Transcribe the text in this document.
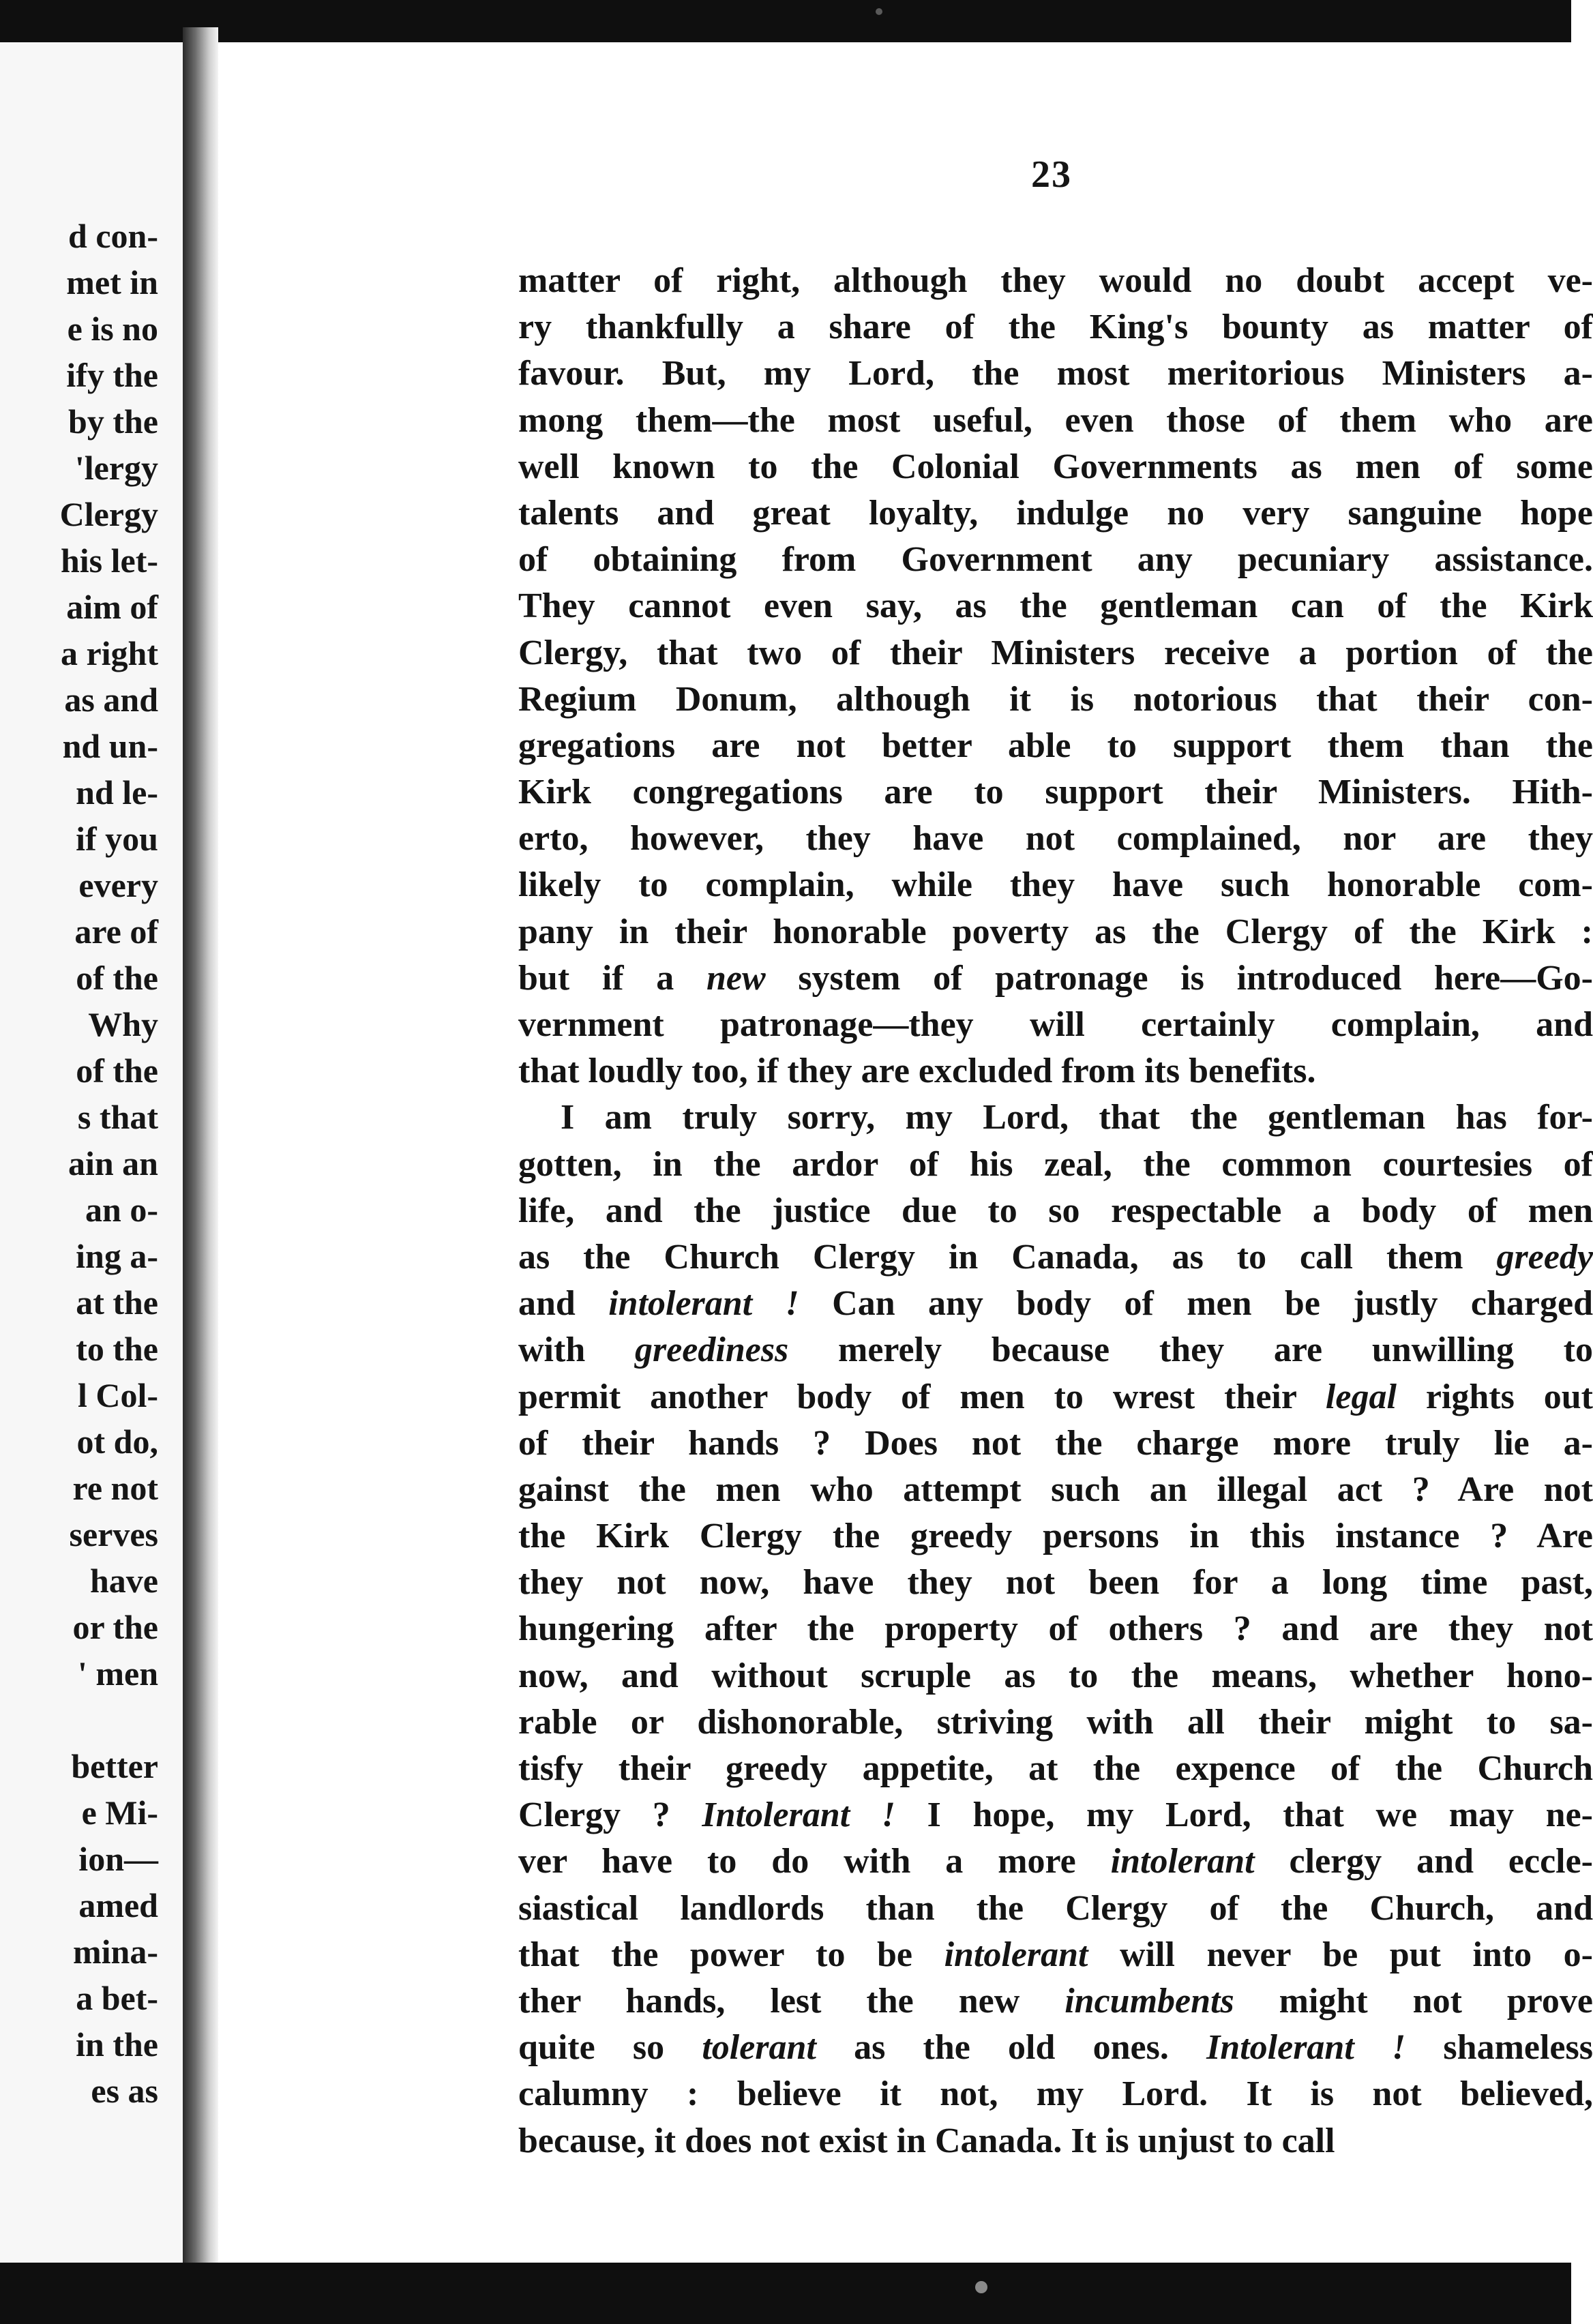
d con-
met in
e is no
ify the
by the
'lergy
Clergy
his let-
aim of
a right
as and
nd un-
nd le-
if you
every
are of
of the
Why
of the
s that
ain an
an o-
ing a-
at the
to the
l Col-
ot do,
re not
serves
have
or the
' men
better
e Mi-
ion—
amed
mina-
a bet-
in the
es as
23
matter of right, although they would no doubt accept ve-
ry thankfully a share of the King's bounty as matter of
favour. But, my Lord, the most meritorious Ministers a-
mong them—the most useful, even those of them who are
well known to the Colonial Governments as men of some
talents and great loyalty, indulge no very sanguine hope
of obtaining from Government any pecuniary assistance.
They cannot even say, as the gentleman can of the Kirk
Clergy, that two of their Ministers receive a portion of the
Regium Donum, although it is notorious that their con-
gregations are not better able to support them than the
Kirk congregations are to support their Ministers. Hith-
erto, however, they have not complained, nor are they
likely to complain, while they have such honorable com-
pany in their honorable poverty as the Clergy of the Kirk :
but if a new system of patronage is introduced here—Go-
vernment patronage—they will certainly complain, and
that loudly too, if they are excluded from its benefits.
I am truly sorry, my Lord, that the gentleman has for-
gotten, in the ardor of his zeal, the common courtesies of
life, and the justice due to so respectable a body of men
as the Church Clergy in Canada, as to call them greedy
and intolerant ! Can any body of men be justly charged
with greediness merely because they are unwilling to
permit another body of men to wrest their legal rights out
of their hands ? Does not the charge more truly lie a-
gainst the men who attempt such an illegal act ? Are not
the Kirk Clergy the greedy persons in this instance ? Are
they not now, have they not been for a long time past,
hungering after the property of others ? and are they not
now, and without scruple as to the means, whether hono-
rable or dishonorable, striving with all their might to sa-
tisfy their greedy appetite, at the expence of the Church
Clergy ? Intolerant ! I hope, my Lord, that we may ne-
ver have to do with a more intolerant clergy and eccle-
siastical landlords than the Clergy of the Church, and
that the power to be intolerant will never be put into o-
ther hands, lest the new incumbents might not prove
quite so tolerant as the old ones. Intolerant ! shameless
calumny : believe it not, my Lord. It is not believed,
because, it does not exist in Canada. It is unjust to call
